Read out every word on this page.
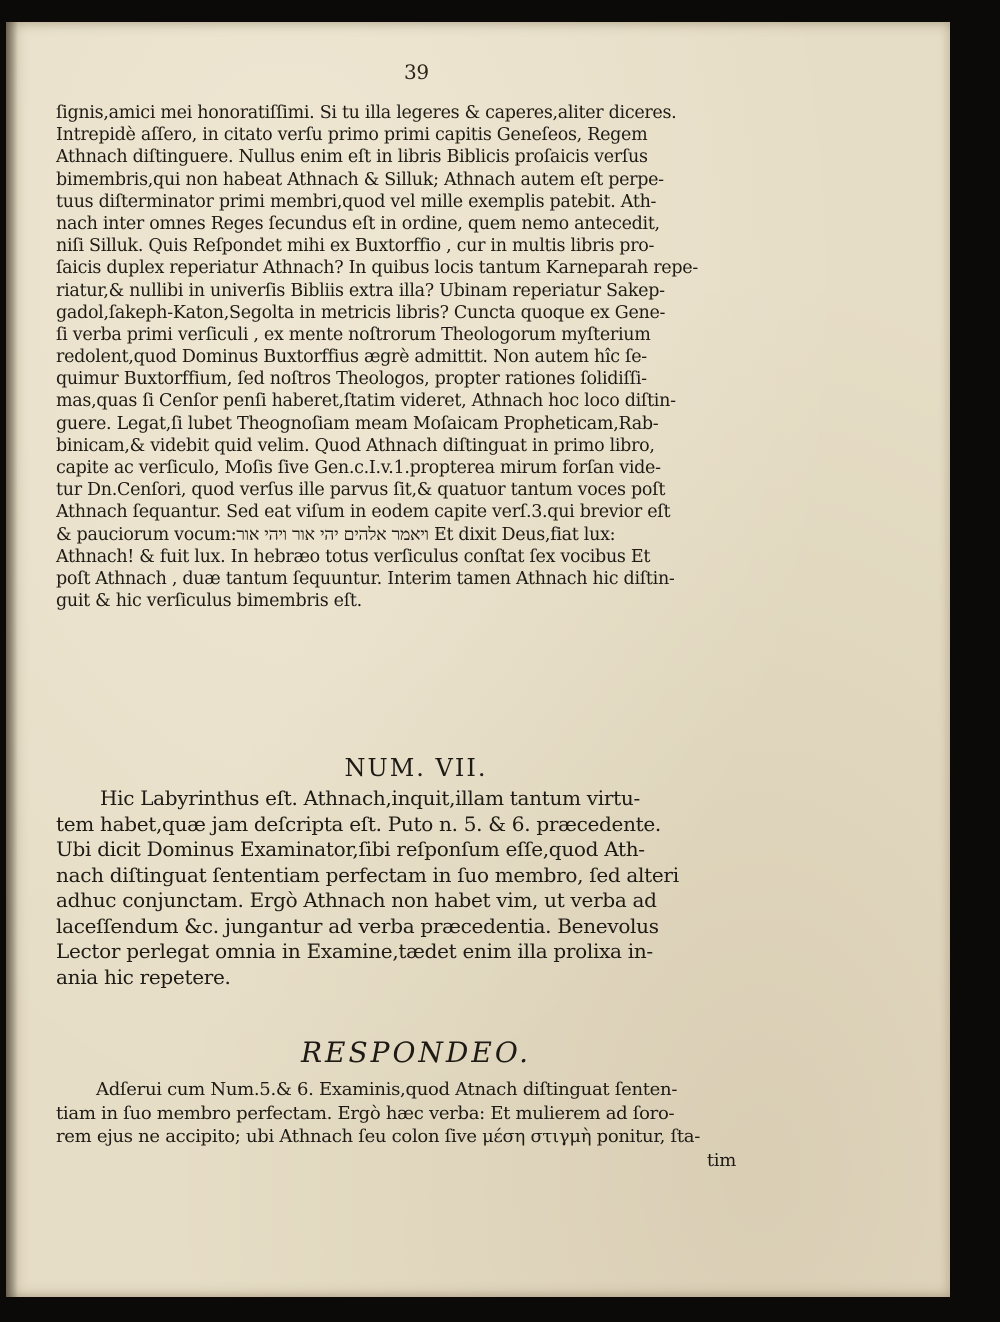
39
ſignis,amici mei honoratiſſimi. Si tu illa legeres & caperes,aliter diceres.
Intrepidè aſſero, in citato verſu primo primi capitis Geneſeos, Regem
Athnach diſtinguere. Nullus enim eſt in libris Biblicis proſaicis verſus
bimembris,qui non habeat Athnach & Silluk; Athnach autem eſt perpe-
tuus diſterminator primi membri,quod vel mille exemplis patebit. Ath-
nach inter omnes Reges ſecundus eſt in ordine, quem nemo antecedit,
niſi Silluk. Quis Reſpondet mihi ex Buxtorffio , cur in multis libris pro-
ſaicis duplex reperiatur Athnach? In quibus locis tantum Karneparah repe-
riatur,& nullibi in univerſis Bibliis extra illa? Ubinam reperiatur Sakep-
gadol,ſakeph-Katon,Segolta in metricis libris? Cuncta quoque ex Gene-
ſi verba primi verſiculi , ex mente noſtrorum Theologorum myſterium
redolent,quod Dominus Buxtorffius ægrè admittit. Non autem hîc ſe-
quimur Buxtorffium, ſed noſtros Theologos, propter rationes ſolidiſſi-
mas,quas ſi Cenſor penſi haberet,ſtatim videret, Athnach hoc loco diſtin-
guere. Legat,ſi lubet Theognoſiam meam Moſaicam Propheticam,Rab-
binicam,& videbit quid velim. Quod Athnach diſtinguat in primo libro,
capite ac verſiculo, Moſis ſive Gen.c.I.v.1.propterea mirum forſan vide-
tur Dn.Cenſori, quod verſus ille parvus ſit,& quatuor tantum voces poſt
Athnach ſequantur. Sed eat viſum in eodem capite verſ.3.qui brevior eſt
& pauciorum vocum:ויאמר אלהים יהי אור ויהי אור Et dixit Deus,fiat lux:
Athnach! & fuit lux. In hebræo totus verſiculus conſtat ſex vocibus Et
poſt Athnach , duæ tantum ſequuntur. Interim tamen Athnach hic diſtin-
guit & hic verſiculus bimembris eſt.
NUM. VII.
Hic Labyrinthus eſt. Athnach,inquit,illam tantum virtu-
tem habet,quæ jam deſcripta eſt. Puto n. 5. & 6. præcedente.
Ubi dicit Dominus Examinator,ſibi reſponſum eſſe,quod Ath-
nach diſtinguat ſententiam perfectam in ſuo membro, ſed alteri
adhuc conjunctam. Ergò Athnach non habet vim, ut verba ad
laceſſendum &c. jungantur ad verba præcedentia. Benevolus
Lector perlegat omnia in Examine,tædet enim illa prolixa in-
ania hic repetere.
RESPONDEO.
Adſerui cum Num.5.& 6. Examinis,quod Atnach diſtinguat ſenten-
tiam in ſuo membro perfectam. Ergò hæc verba: Et mulierem ad ſoro-
rem ejus ne accipito; ubi Athnach ſeu colon ſive μέση στιγμὴ ponitur, ſta-
tim
